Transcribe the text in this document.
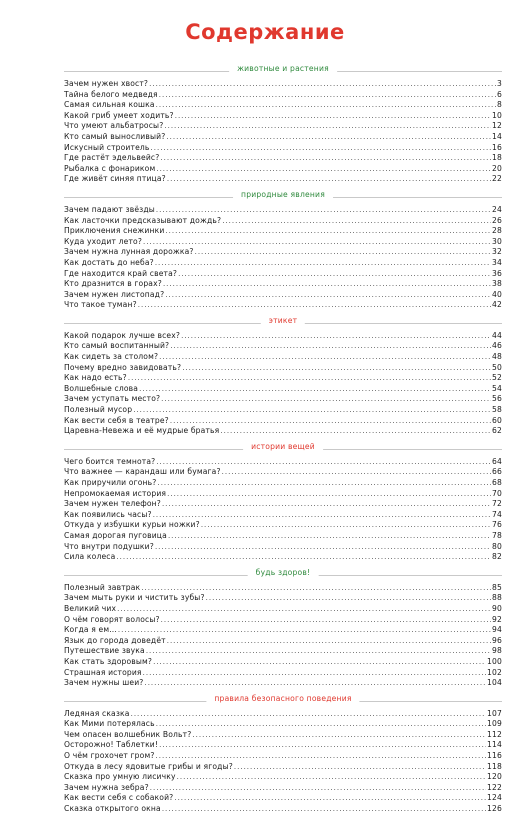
Содержание
животные и растения
Зачем нужен хвост? .....	3
Тайна белого медведя .....	6
Самая сильная кошка .....	8
Какой гриб умеет ходить? .....	10
Что умеют альбатросы? .....	12
Кто самый выносливый? .....	14
Искусный строитель .....	16
Где растёт эдельвейс? .....	18
Рыбалка с фонариком .....	20
Где живёт синяя птица? .....	22
природные явления
Зачем падают звёзды .....	24
Как ласточки предсказывают дождь? .....	26
Приключения снежинки .....	28
Куда уходит лето? .....	30
Зачем нужна лунная дорожка? .....	32
Как достать до неба? .....	34
Где находится край света? .....	36
Кто дразнится в горах? .....	38
Зачем нужен листопад? .....	40
Что такое туман? .....	42
этикет
Какой подарок лучше всех? .....	44
Кто самый воспитанный? .....	46
Как сидеть за столом? .....	48
Почему вредно завидовать? .....	50
Как надо есть? .....	52
Волшебные слова .....	54
Зачем уступать место? .....	56
Полезный мусор .....	58
Как вести себя в театре? .....	60
Царевна-Невежа и её мудрые братья .....	62
истории вещей
Чего боится темнота? .....	64
Что важнее — карандаш или бумага? .....	66
Как приручили огонь? .....	68
Непромокаемая история .....	70
Зачем нужен телефон? .....	72
Как появились часы? .....	74
Откуда у избушки курьи ножки? .....	76
Самая дорогая пуговица .....	78
Что внутри подушки? .....	80
Сила колеса .....	82
будь здоров!
Полезный завтрак .....	85
Зачем мыть руки и чистить зубы? .....	88
Великий чих .....	90
О чём говорят волосы? .....	92
Когда я ем... .....	94
Язык до города доведёт .....	96
Путешествие звука .....	98
Как стать здоровым? .....	100
Страшная история .....	102
Зачем нужны шеи? .....	104
правила безопасного поведения
Ледяная сказка .....	107
Как Мими потерялась .....	109
Чем опасен волшебник Вольт? .....	112
Осторожно! Таблетки! .....	114
О чём грохочет гром? .....	116
Откуда в лесу ядовитые грибы и ягоды? .....	118
Сказка про умную лисичку .....	120
Зачем нужна зебра? .....	122
Как вести себя с собакой? .....	124
Сказка открытого окна .....	126
